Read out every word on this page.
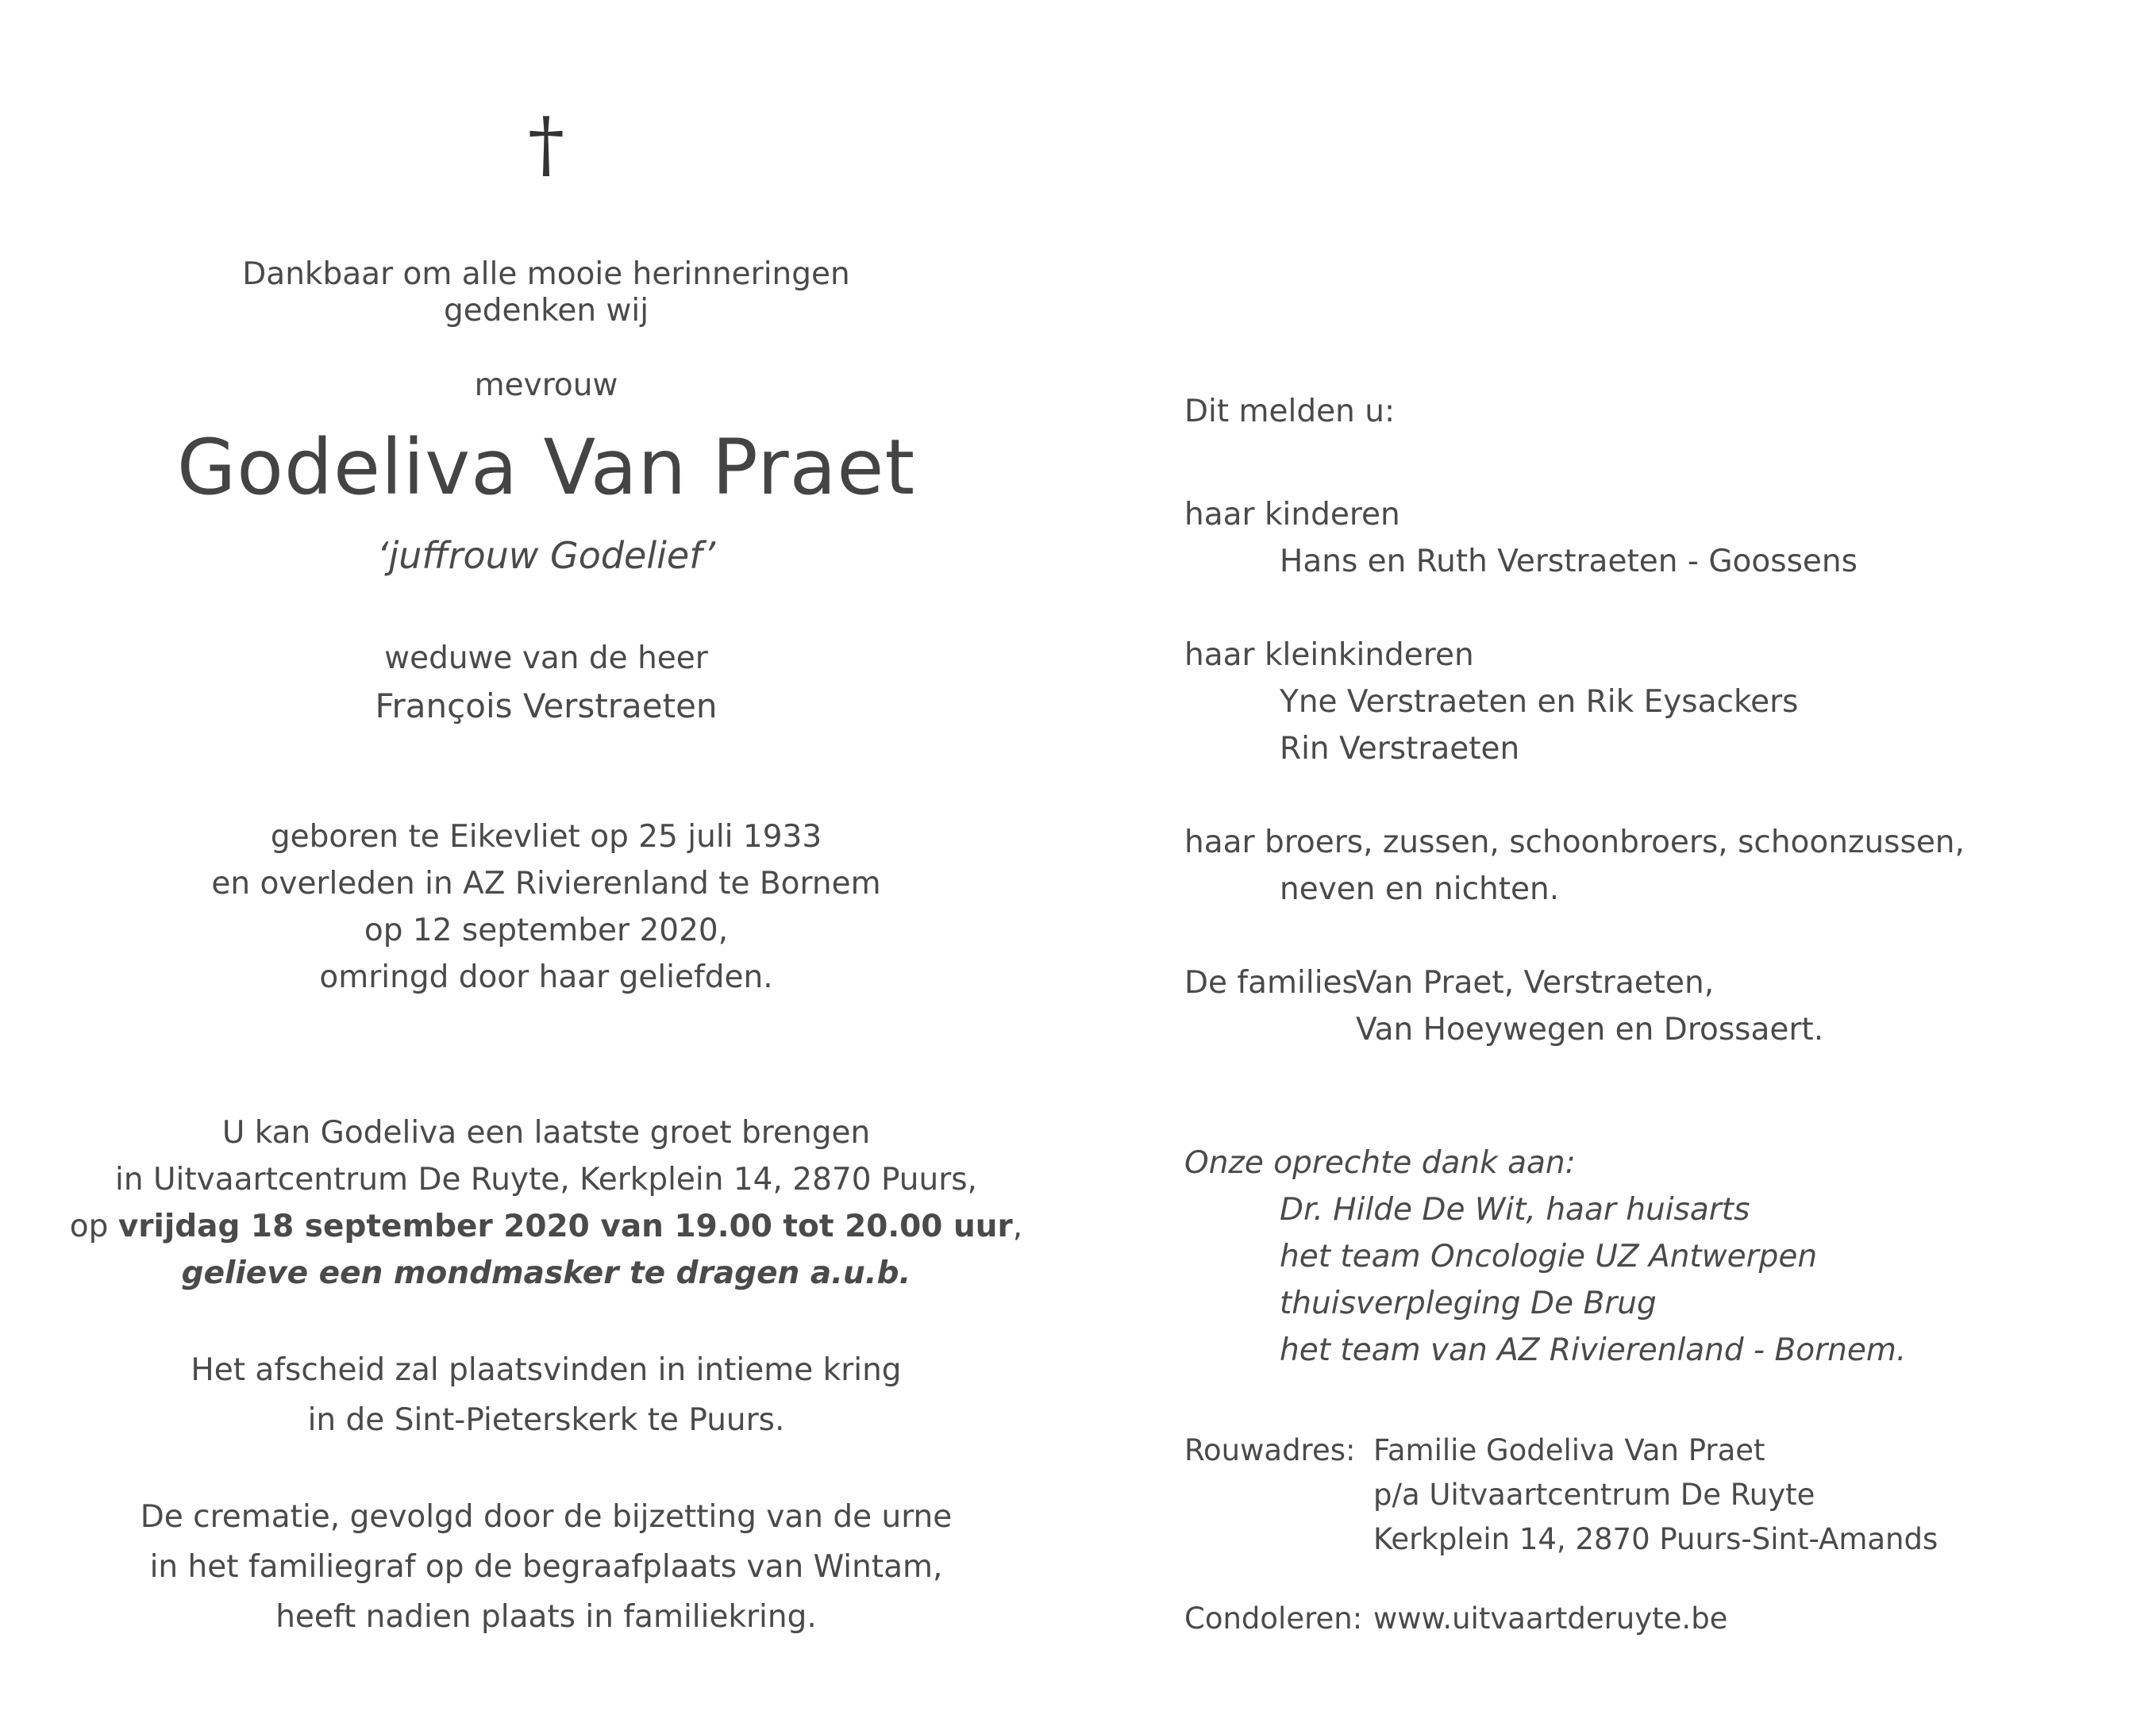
†
Dankbaar om alle mooie herinneringen
gedenken wij
mevrouw
Godeliva Van Praet
‘juffrouw Godelief’
weduwe van de heer
François Verstraeten
geboren te Eikevliet op 25 juli 1933
en overleden in AZ Rivierenland te Bornem
op 12 september 2020,
omringd door haar geliefden.
U kan Godeliva een laatste groet brengen
in Uitvaartcentrum De Ruyte, Kerkplein 14, 2870 Puurs,
op vrijdag 18 september 2020 van 19.00 tot 20.00 uur,
gelieve een mondmasker te dragen a.u.b.
Het afscheid zal plaatsvinden in intieme kring
in de Sint-Pieterskerk te Puurs.
De crematie, gevolgd door de bijzetting van de urne
in het familiegraf op de begraafplaats van Wintam,
heeft nadien plaats in familiekring.
Dit melden u:
haar kinderen
Hans en Ruth Verstraeten - Goossens
haar kleinkinderen
Yne Verstraeten en Rik Eysackers
Rin Verstraeten
haar broers, zussen, schoonbroers, schoonzussen,
neven en nichten.
De families
Van Praet, Verstraeten,
Van Hoeywegen en Drossaert.
Onze oprechte dank aan:
Dr. Hilde De Wit, haar huisarts
het team Oncologie UZ Antwerpen
thuisverpleging De Brug
het team van AZ Rivierenland - Bornem.
Rouwadres: Familie Godeliva Van Praet
p/a Uitvaartcentrum De Ruyte
Kerkplein 14, 2870 Puurs-Sint-Amands
Condoleren: www.uitvaartderuyte.be
